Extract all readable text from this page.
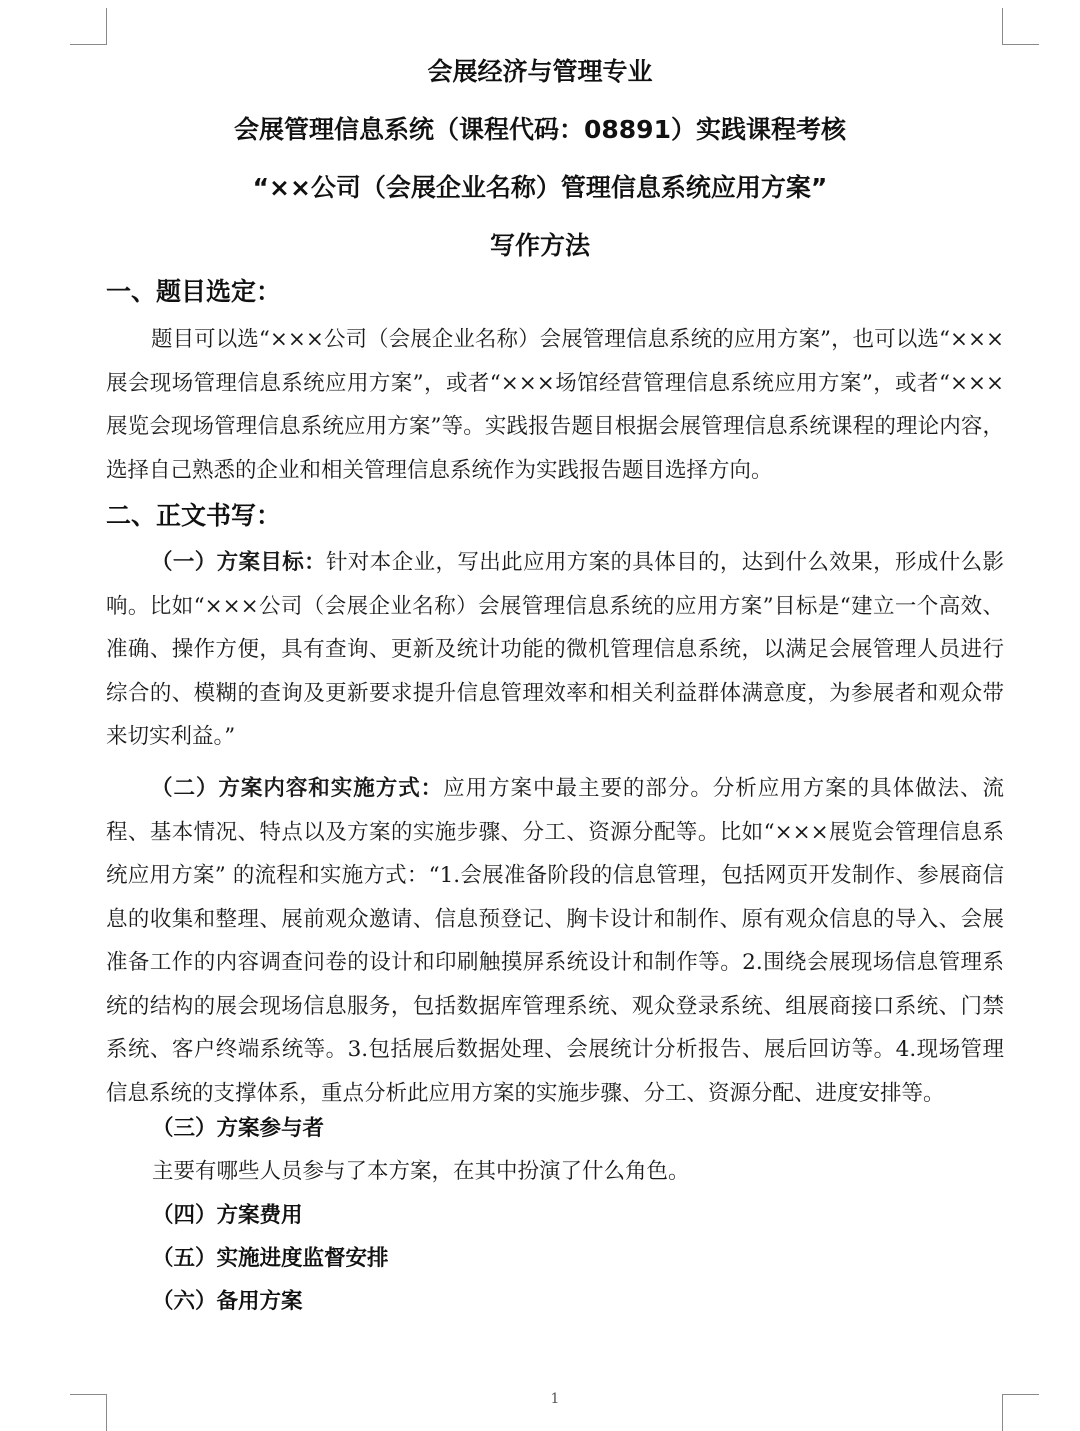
会展经济与管理专业
会展管理信息系统（课程代码：08891）实践课程考核
“××公司（会展企业名称）管理信息系统应用方案”
写作方法
一、题目选定：
题目可以选“×××公司（会展企业名称）会展管理信息系统的应用方案”，也可以选“×××展会现场管理信息系统应用方案”，或者“×××场馆经营管理信息系统应用方案”，或者“×××展览会现场管理信息系统应用方案”等。实践报告题目根据会展管理信息系统课程的理论内容，选择自己熟悉的企业和相关管理信息系统作为实践报告题目选择方向。
二、正文书写：
（一）方案目标：针对本企业，写出此应用方案的具体目的，达到什么效果，形成什么影响。比如“×××公司（会展企业名称）会展管理信息系统的应用方案”目标是“建立一个高效、准确、操作方便，具有查询、更新及统计功能的微机管理信息系统，以满足会展管理人员进行综合的、模糊的查询及更新要求提升信息管理效率和相关利益群体满意度，为参展者和观众带来切实利益。”
（二）方案内容和实施方式：应用方案中最主要的部分。分析应用方案的具体做法、流程、基本情况、特点以及方案的实施步骤、分工、资源分配等。比如“×××展览会管理信息系统应用方案” 的流程和实施方式：“1.会展准备阶段的信息管理，包括网页开发制作、参展商信息的收集和整理、展前观众邀请、信息预登记、胸卡设计和制作、原有观众信息的导入、会展准备工作的内容调查问卷的设计和印刷触摸屏系统设计和制作等。2.围绕会展现场信息管理系统的结构的展会现场信息服务，包括数据库管理系统、观众登录系统、组展商接口系统、门禁系统、客户终端系统等。3.包括展后数据处理、会展统计分析报告、展后回访等。4.现场管理信息系统的支撑体系，重点分析此应用方案的实施步骤、分工、资源分配、进度安排等。
（三）方案参与者
主要有哪些人员参与了本方案，在其中扮演了什么角色。
（四）方案费用
（五）实施进度监督安排
（六）备用方案
1
